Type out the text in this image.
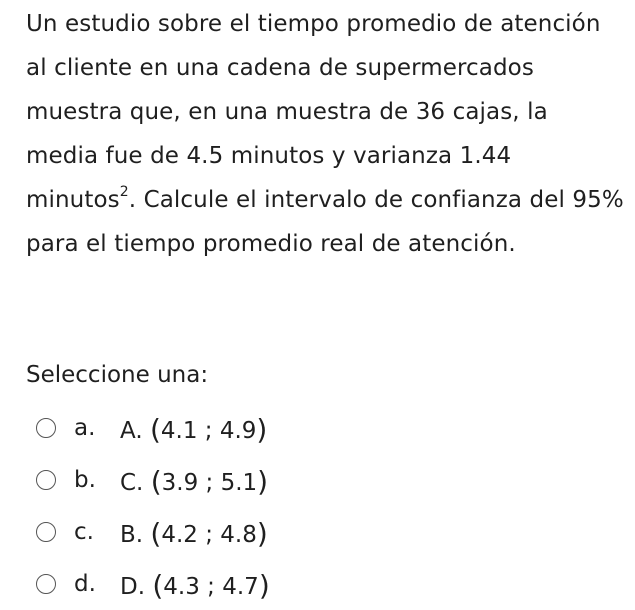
Un estudio sobre el tiempo promedio de atención al cliente en una cadena de supermercados muestra que, en una muestra de 36 cajas, la media fue de 4.5 minutos y varianza 1.44 minutos$^2$. Calcule el intervalo de confianza del 95% para el tiempo promedio real de atención.
Seleccione una:
a.	A. (4.1 ; 4.9)
b.	C. (3.9 ; 5.1)
c.	B. (4.2 ; 4.8)
d.	D. (4.3 ; 4.7)
